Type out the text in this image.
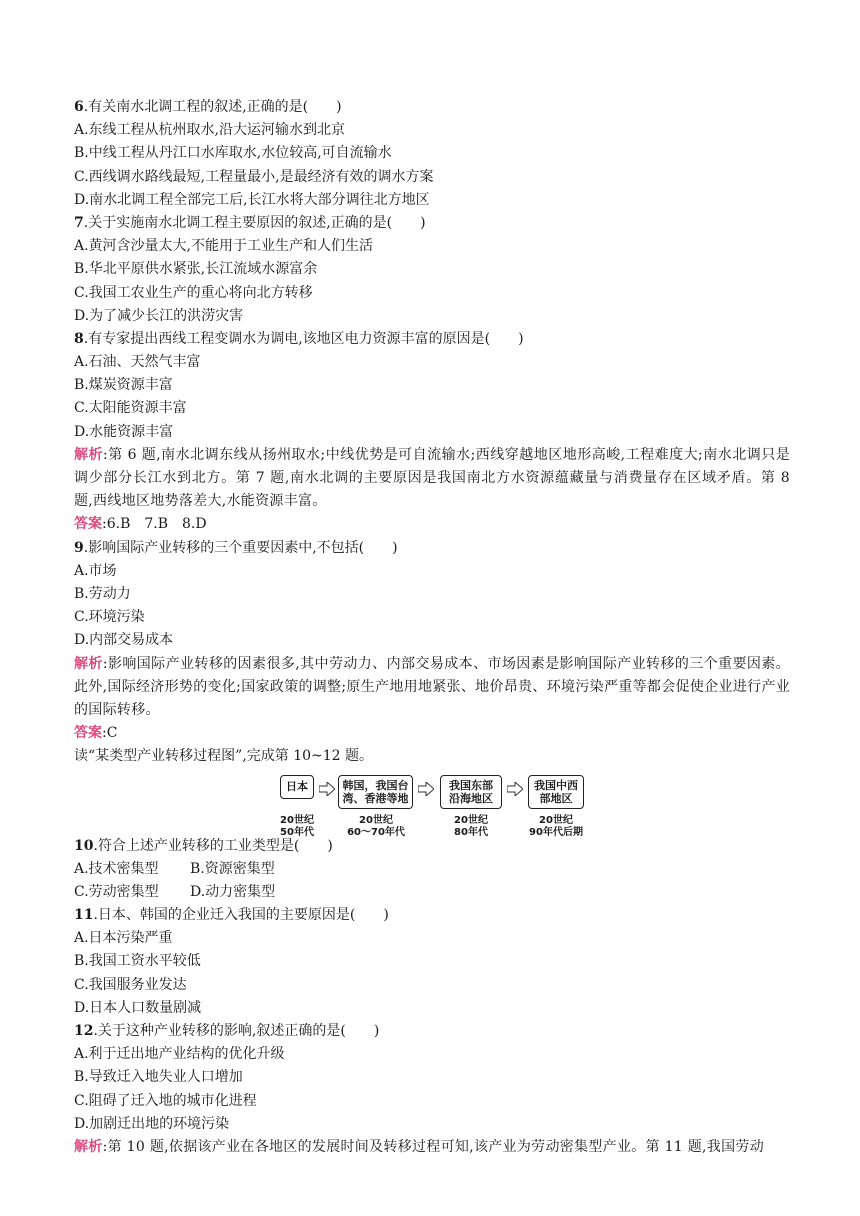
6.有关南水北调工程的叙述,正确的是(　　)
A.东线工程从杭州取水,沿大运河输水到北京
B.中线工程从丹江口水库取水,水位较高,可自流输水
C.西线调水路线最短,工程量最小,是最经济有效的调水方案
D.南水北调工程全部完工后,长江水将大部分调往北方地区
7.关于实施南水北调工程主要原因的叙述,正确的是(　　)
A.黄河含沙量太大,不能用于工业生产和人们生活
B.华北平原供水紧张,长江流域水源富余
C.我国工农业生产的重心将向北方转移
D.为了减少长江的洪涝灾害
8.有专家提出西线工程变调水为调电,该地区电力资源丰富的原因是(　　)
A.石油、天然气丰富
B.煤炭资源丰富
C.太阳能资源丰富
D.水能资源丰富
解析:第 6 题,南水北调东线从扬州取水;中线优势是可自流输水;西线穿越地区地形高峻,工程难度大;南水北调只是调少部分长江水到北方。第 7 题,南水北调的主要原因是我国南北方水资源蕴藏量与消费量存在区域矛盾。第 8 题,西线地区地势落差大,水能资源丰富。
答案:6.B　7.B　8.D
9.影响国际产业转移的三个重要因素中,不包括(　　)
A.市场
B.劳动力
C.环境污染
D.内部交易成本
解析:影响国际产业转移的因素很多,其中劳动力、内部交易成本、市场因素是影响国际产业转移的三个重要因素。此外,国际经济形势的变化;国家政策的调整;原生产地用地紧张、地价昂贵、环境污染严重等都会促使企业进行产业的国际转移。
答案:C
读“某类型产业转移过程图”,完成第 10~12 题。
日本	韩国，我国台
湾、香港等地
我国东部
沿海地区
我国中西
部地区
20世纪
50年代
20世纪
60～70年代
20世纪
80年代
20世纪
90年代后期
10.符合上述产业转移的工业类型是(　　)
A.技术密集型 B.资源密集型
C.劳动密集型 D.动力密集型
11.日本、韩国的企业迁入我国的主要原因是(　　)
A.日本污染严重
B.我国工资水平较低
C.我国服务业发达
D.日本人口数量剧减
12.关于这种产业转移的影响,叙述正确的是(　　)
A.利于迁出地产业结构的优化升级
B.导致迁入地失业人口增加
C.阻碍了迁入地的城市化进程
D.加剧迁出地的环境污染
解析:第 10 题,依据该产业在各地区的发展时间及转移过程可知,该产业为劳动密集型产业。第 11 题,我国劳动
